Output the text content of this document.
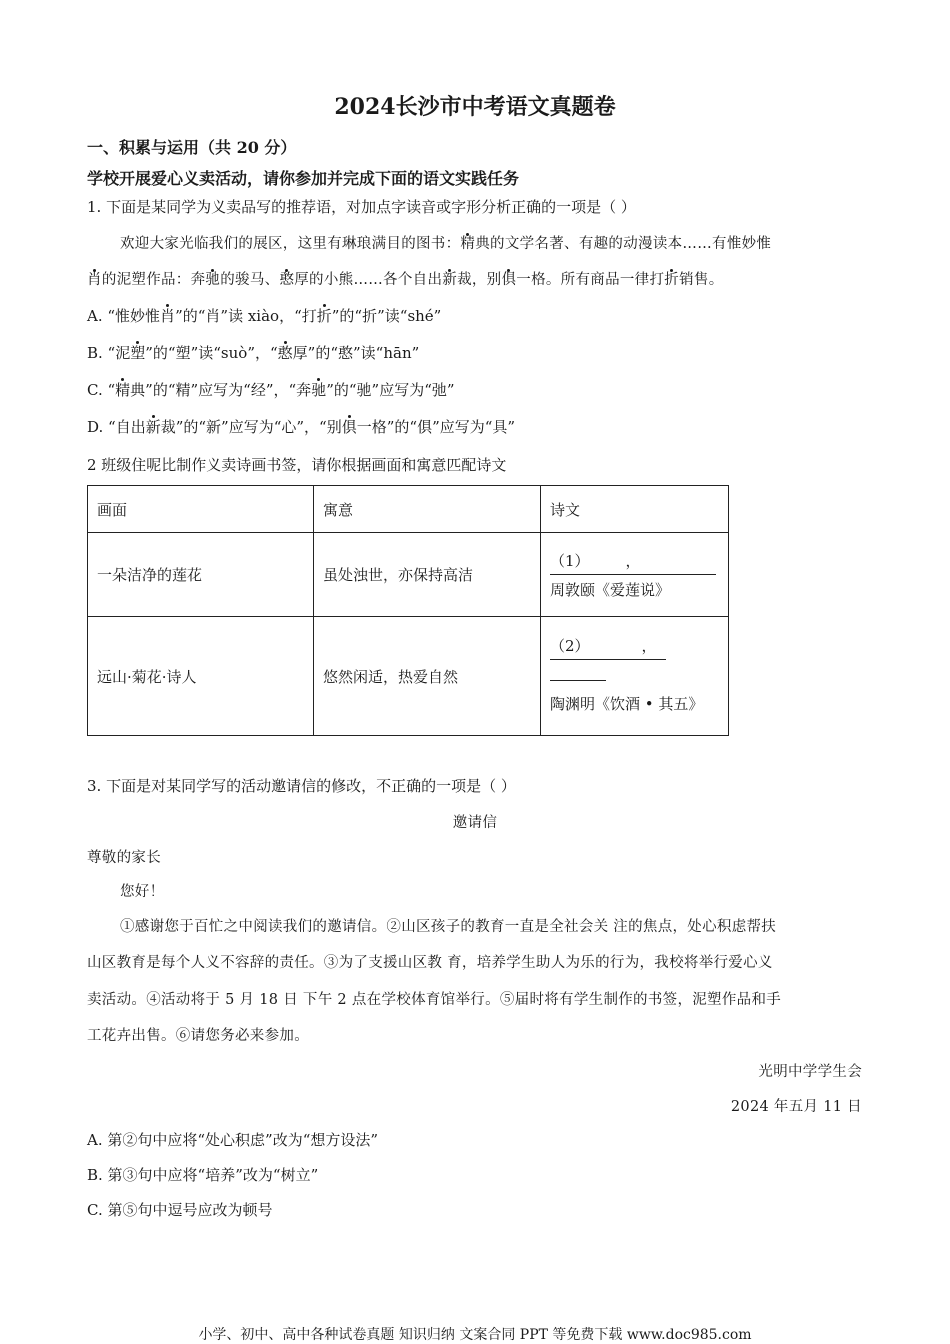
2024长沙市中考语文真题卷
一、积累与运用（共 20 分）
学校开展爱心义卖活动，请你参加并完成下面的语文实践任务
1. 下面是某同学为义卖品写的推荐语，对加点字读音或字形分析正确的一项是（ ）
欢迎大家光临我们的展区，这里有琳琅满目的图书：精典的文学名著、有趣的动漫读本……有惟妙惟
肖的泥塑作品：奔驰的骏马、憨厚的小熊……各个自出新裁，别俱一格。所有商品一律打折销售。
A. “惟妙惟肖”的“肖”读 xiào，“打折”的“折”读“shé”
B. “泥塑”的“塑”读“suò”，“憨厚”的“憨”读“hān”
C. “精典”的“精”应写为“经”，“奔驰”的“驰”应写为“弛”
D. “自出新裁”的“新”应写为“心”，“别俱一格”的“俱”应写为“具”
2 班级住呢比制作义卖诗画书签，请你根据画面和寓意匹配诗文
画面	寓意	诗文
一朵洁净的莲花	虽处浊世，亦保持高洁	（1） ，
周敦颐《爱莲说》

远山·菊花·诗人	悠然闲适，热爱自然	（2） ，
陶渊明《饮酒 • 其五》
3. 下面是对某同学写的活动邀请信的修改，不正确的一项是（ ）
邀请信
尊敬的家长
您好！
①感谢您于百忙之中阅读我们的邀请信。②山区孩子的教育一直是全社会关 注的焦点，处心积虑帮扶
山区教育是每个人义不容辞的责任。③为了支援山区教 育，培养学生助人为乐的行为，我校将举行爱心义
卖活动。④活动将于 5 月 18 日 下午 2 点在学校体育馆举行。⑤届时将有学生制作的书签，泥塑作品和手
工花卉出售。⑥请您务必来参加。
光明中学学生会
2024 年五月 11 日
A. 第②句中应将“处心积虑”改为“想方设法”
B. 第③句中应将“培养”改为“树立”
C. 第⑤句中逗号应改为顿号
小学、初中、高中各种试卷真题 知识归纳 文案合同 PPT 等免费下载 www.doc985.com
